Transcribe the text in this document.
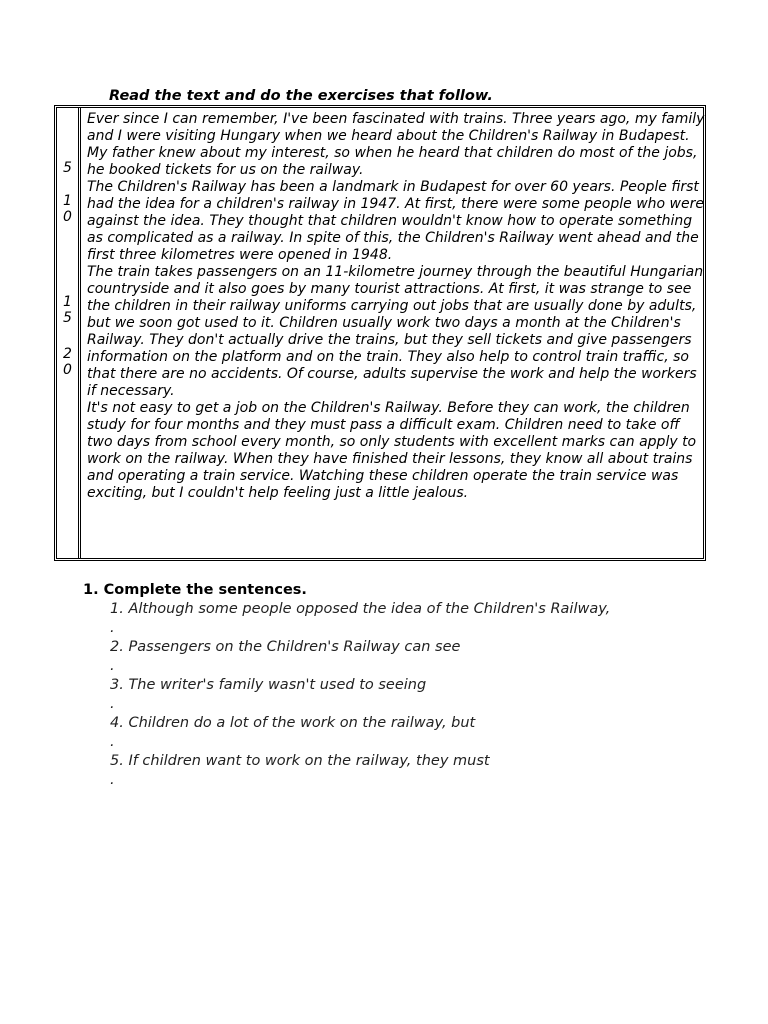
Read the text and do the exercises that follow.

5
1
0
1
5
2
0

Ever since I can remember, I've been fascinated with trains. Three years ago, my family and I were visiting Hungary when we heard about the Children's Railway in Budapest. My father knew about my interest, so when he heard that children do most of the jobs, he booked tickets for us on the railway.

The Children's Railway has been a landmark in Budapest for over 60 years. People first had the idea for a children's railway in 1947. At first, there were some people who were against the idea. They thought that children wouldn't know how to operate something as complicated as a railway. In spite of this, the Children's Railway went ahead and the first three kilometres were opened in 1948.

The train takes passengers on an 11-kilometre journey through the beautiful Hungarian countryside and it also goes by many tourist attractions. At first, it was strange to see the children in their railway uniforms carrying out jobs that are usually done by adults, but we soon got used to it. Children usually work two days a month at the Children's Railway. They don't actually drive the trains, but they sell tickets and give passengers information on the platform and on the train. They also help to control train traffic, so that there are no accidents. Of course, adults supervise the work and help the workers if necessary.

It's not easy to get a job on the Children's Railway. Before they can work, the children study for four months and they must pass a difficult exam. Children need to take off two days from school every month, so only students with excellent marks can apply to work on the railway. When they have finished their lessons, they know all about trains and operating a train service. Watching these children operate the train service was exciting, but I couldn't help feeling just a little jealous.

1. Complete the sentences.

1. Although some people opposed the idea of the Children's Railway,
.
2. Passengers on the Children's Railway can see
.
3. The writer's family wasn't used to seeing
.
4. Children do a lot of the work on the railway, but
.
5. If children want to work on the railway, they must
.
